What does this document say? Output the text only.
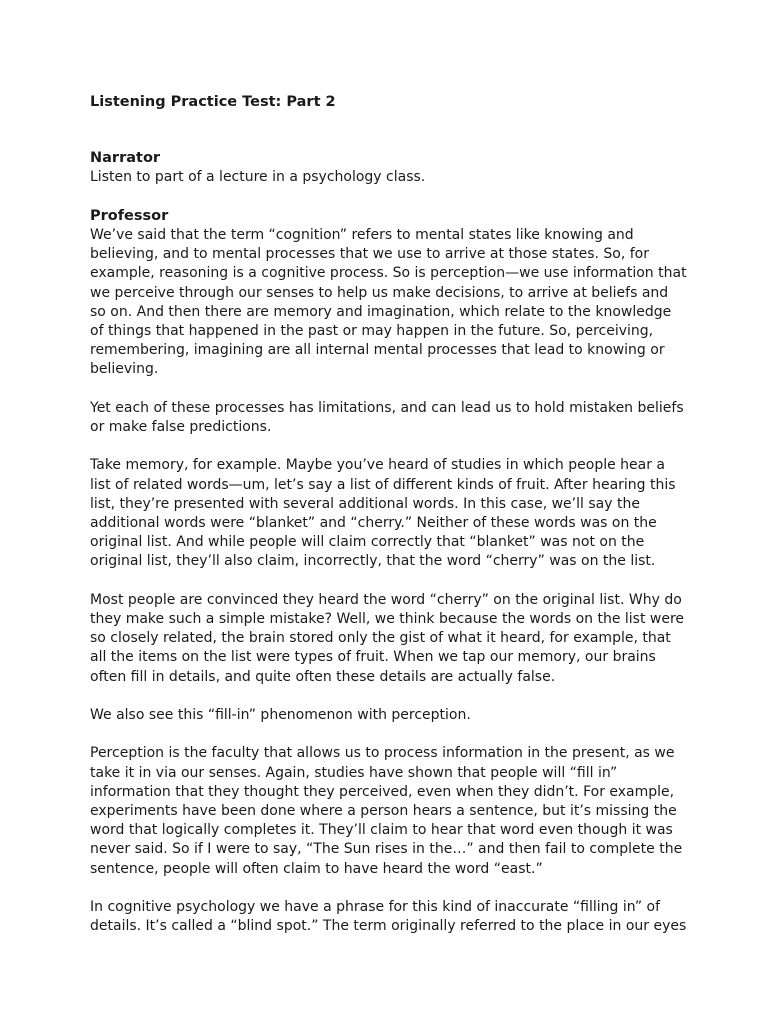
Listening Practice Test: Part 2
Narrator

Listen to part of a lecture in a psychology class.

Professor

We’ve said that the term “cognition” refers to mental states like knowing and believing, and to mental processes that we use to arrive at those states. So, for example, reasoning is a cognitive process. So is perception—we use information that we perceive through our senses to help us make decisions, to arrive at beliefs and so on. And then there are memory and imagination, which relate to the knowledge of things that happened in the past or may happen in the future. So, perceiving, remembering, imagining are all internal mental processes that lead to knowing or believing.

Yet each of these processes has limitations, and can lead us to hold mistaken beliefs or make false predictions.

Take memory, for example. Maybe you’ve heard of studies in which people hear a list of related words—um, let’s say a list of different kinds of fruit. After hearing this list, they’re presented with several additional words. In this case, we’ll say the additional words were “blanket” and “cherry.” Neither of these words was on the original list. And while people will claim correctly that “blanket” was not on the original list, they’ll also claim, incorrectly, that the word “cherry” was on the list.

Most people are convinced they heard the word “cherry” on the original list. Why do they make such a simple mistake? Well, we think because the words on the list were so closely related, the brain stored only the gist of what it heard, for example, that all the items on the list were types of fruit. When we tap our memory, our brains often fill in details, and quite often these details are actually false.

We also see this “fill-in” phenomenon with perception.

Perception is the faculty that allows us to process information in the present, as we take it in via our senses. Again, studies have shown that people will “fill in” information that they thought they perceived, even when they didn’t. For example, experiments have been done where a person hears a sentence, but it’s missing the word that logically completes it. They’ll claim to hear that word even though it was never said. So if I were to say, “The Sun rises in the…” and then fail to complete the sentence, people will often claim to have heard the word “east.”

In cognitive psychology we have a phrase for this kind of inaccurate “filling in” of details. It’s called a “blind spot.” The term originally referred to the place in our eyes
